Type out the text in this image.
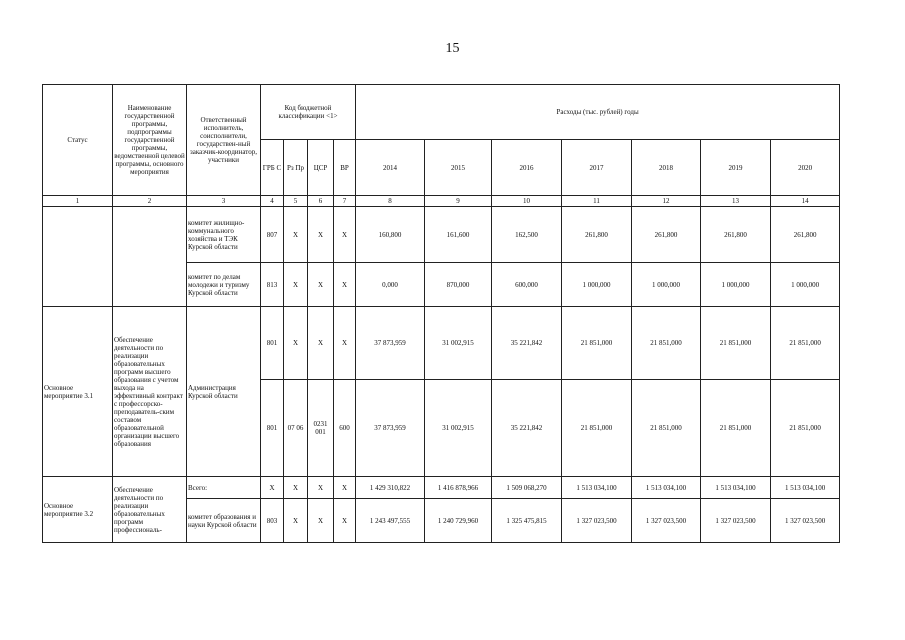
15
Статус	Наименование государственной программы, подпрограммы государственной программы, ведомственной целевой программы, основного мероприятия	Ответственный исполнитель, соисполнители, государствен-ный заказчик-координатор, участники	Код бюджетной классификации <1>				Расходы (тыс. рублей) годы						
			ГРБ С	Рз Пр	ЦСР	ВР	2014	2015	2016	2017	2018	2019	2020
1	2	3	4	5	6	7	8	9	10	11	12	13	14
		комитет жилищно-коммунального хозяйства и ТЭК Курской области	807	X	X	X	160,800	161,600	162,500	261,800	261,800	261,800	261,800
		комитет по делам молодежи и туризму Курской области	813	X	X	X	0,000	870,000	600,000	1 000,000	1 000,000	1 000,000	1 000,000
Основное мероприятие 3.1	Обеспечение деятельности по реализации образовательных программ высшего образования с учетом выхода на эффективный контракт с профессорско-преподаватель-ским составом образовательной организации высшего образования	Администрация Курской области	801	X	X	X	37 873,959	31 002,915	35 221,842	21 851,000	21 851,000	21 851,000	21 851,000
			801	07 06	0231 001	600	37 873,959	31 002,915	35 221,842	21 851,000	21 851,000	21 851,000	21 851,000
Основное мероприятие 3.2	Обеспечение деятельности по реализации образовательных программ профессиональ-	Всего:	X	X	X	X	1 429 310,822	1 416 878,966	1 509 068,270	1 513 034,100	1 513 034,100	1 513 034,100	1 513 034,100
		комитет образования и науки Курской области	803	X	X	X	1 243 497,555	1 240 729,960	1 325 475,815	1 327 023,500	1 327 023,500	1 327 023,500	1 327 023,500
